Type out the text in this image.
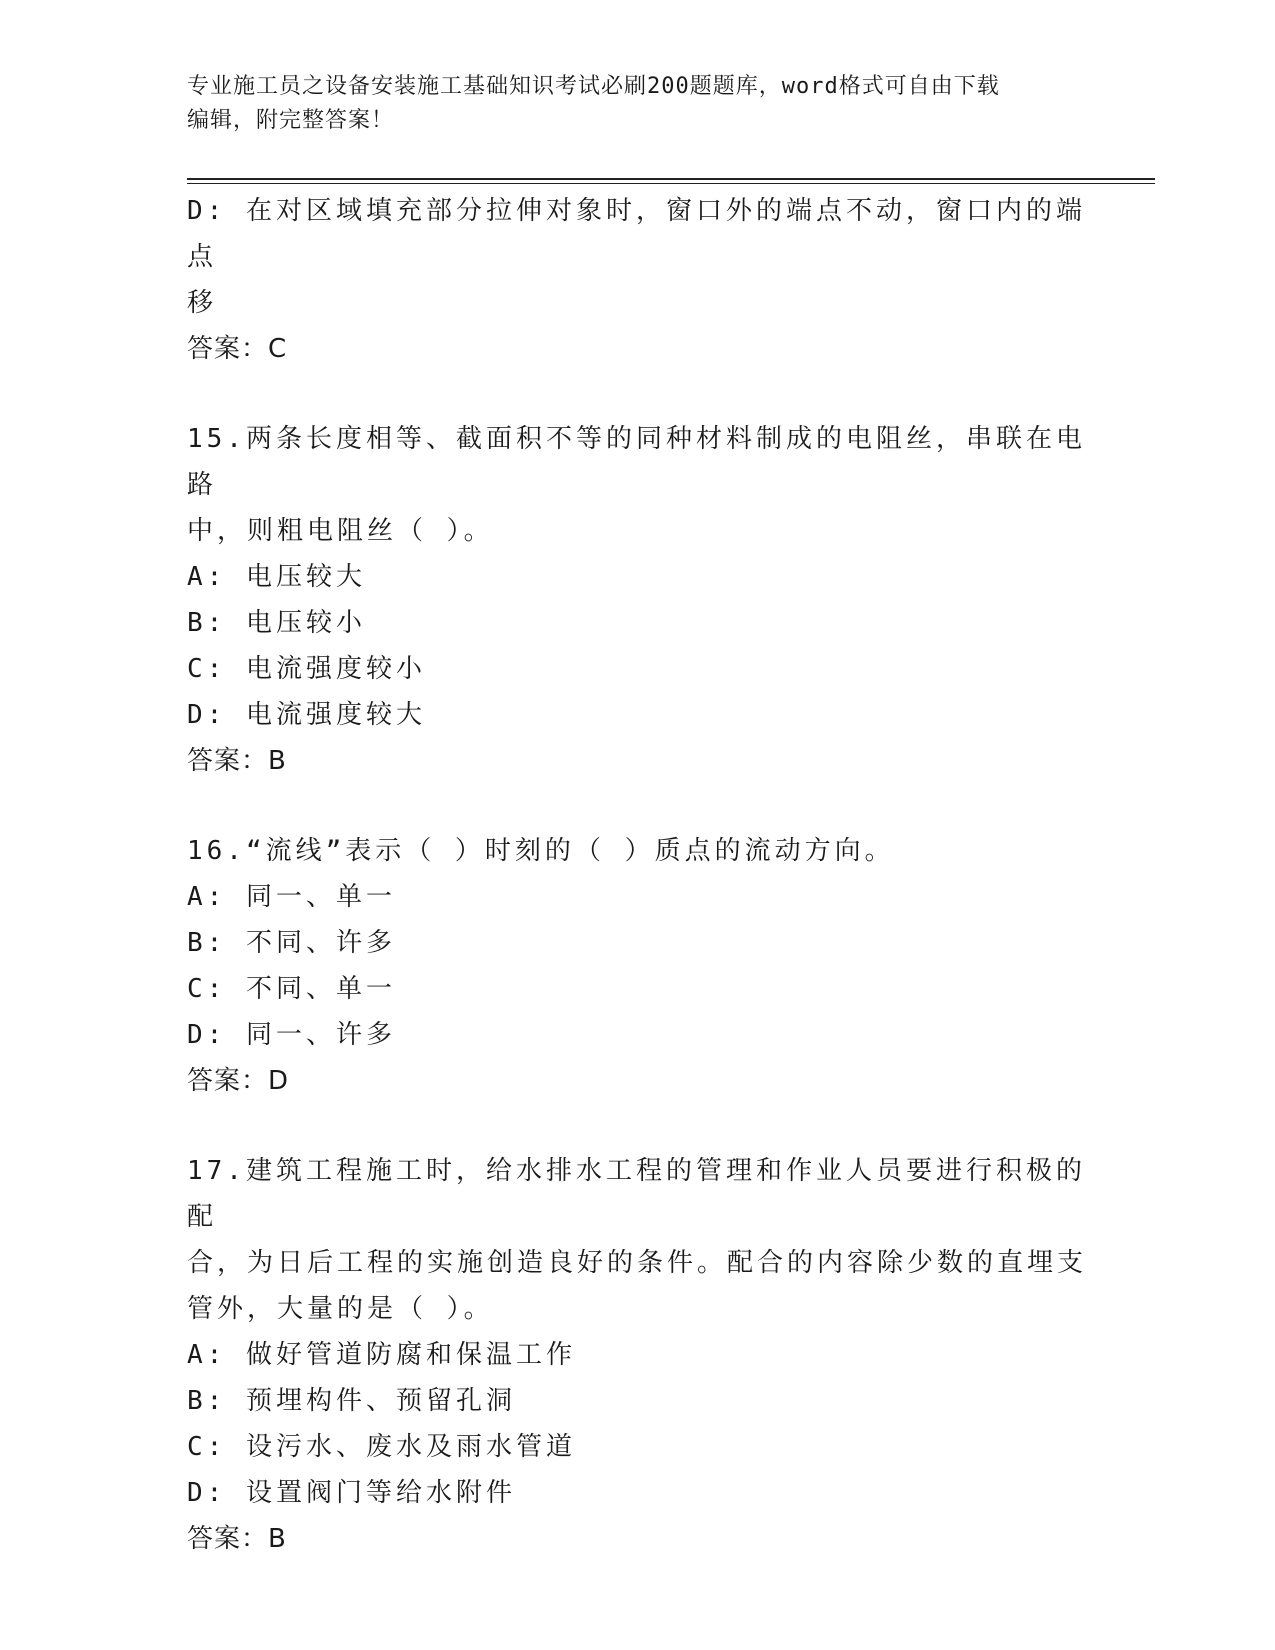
专业施工员之设备安装施工基础知识考试必刷200题题库，word格式可自由下载
编辑，附完整答案！

D: 在对区域填充部分拉伸对象时，窗口外的端点不动，窗口内的端点

移

答案：C

15.两条长度相等、截面积不等的同种材料制成的电阻丝，串联在电路

中，则粗电阻丝（ ）。

A: 电压较大

B: 电压较小

C: 电流强度较小

D: 电流强度较大

答案：B

16.“流线”表示（ ）时刻的（ ）质点的流动方向。

A: 同一、单一

B: 不同、许多

C: 不同、单一

D: 同一、许多

答案：D

17.建筑工程施工时，给水排水工程的管理和作业人员要进行积极的配

合，为日后工程的实施创造良好的条件。配合的内容除少数的直埋支

管外，大量的是（ ）。

A: 做好管道防腐和保温工作

B: 预埋构件、预留孔洞

C: 设污水、废水及雨水管道

D: 设置阀门等给水附件

答案：B
